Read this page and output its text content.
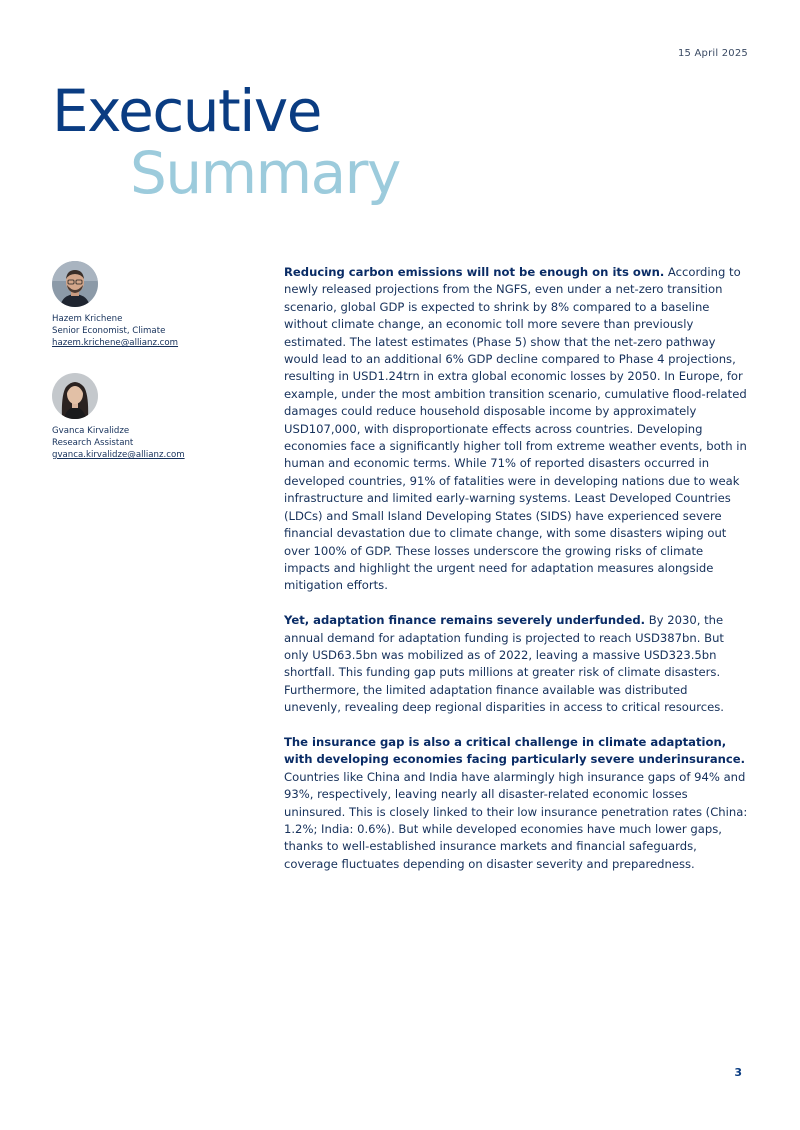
15 April 2025
Executive
Summary
Hazem Krichene
Senior Economist, Climate
hazem.krichene@allianz.com
Gvanca Kirvalidze
Research Assistant
gvanca.kirvalidze@allianz.com

Reducing carbon emissions will not be enough on its own. According to newly released projections from the NGFS, even under a net-zero transition scenario, global GDP is expected to shrink by 8% compared to a baseline without climate change, an economic toll more severe than previously estimated. The latest estimates (Phase 5) show that the net-zero pathway would lead to an additional 6% GDP decline compared to Phase 4 projections, resulting in USD1.24trn in extra global economic losses by 2050. In Europe, for example, under the most ambition transition scenario, cumulative flood-related damages could reduce household disposable income by approximately USD107,000, with disproportionate effects across countries. Developing economies face a significantly higher toll from extreme weather events, both in human and economic terms. While 71% of reported disasters occurred in developed countries, 91% of fatalities were in developing nations due to weak infrastructure and limited early-warning systems. Least Developed Countries (LDCs) and Small Island Developing States (SIDS) have experienced severe financial devastation due to climate change, with some disasters wiping out over 100% of GDP. These losses underscore the growing risks of climate impacts and highlight the urgent need for adaptation measures alongside mitigation efforts.

Yet, adaptation finance remains severely underfunded. By 2030, the annual demand for adaptation funding is projected to reach USD387bn. But only USD63.5bn was mobilized as of 2022, leaving a massive USD323.5bn shortfall. This funding gap puts millions at greater risk of climate disasters. Furthermore, the limited adaptation finance available was distributed unevenly, revealing deep regional disparities in access to critical resources.

The insurance gap is also a critical challenge in climate adaptation, with developing economies facing particularly severe underinsurance. Countries like China and India have alarmingly high insurance gaps of 94% and 93%, respectively, leaving nearly all disaster-related economic losses uninsured. This is closely linked to their low insurance penetration rates (China: 1.2%; India: 0.6%). But while developed economies have much lower gaps, thanks to well-established insurance markets and financial safeguards, coverage fluctuates depending on disaster severity and preparedness.

3
